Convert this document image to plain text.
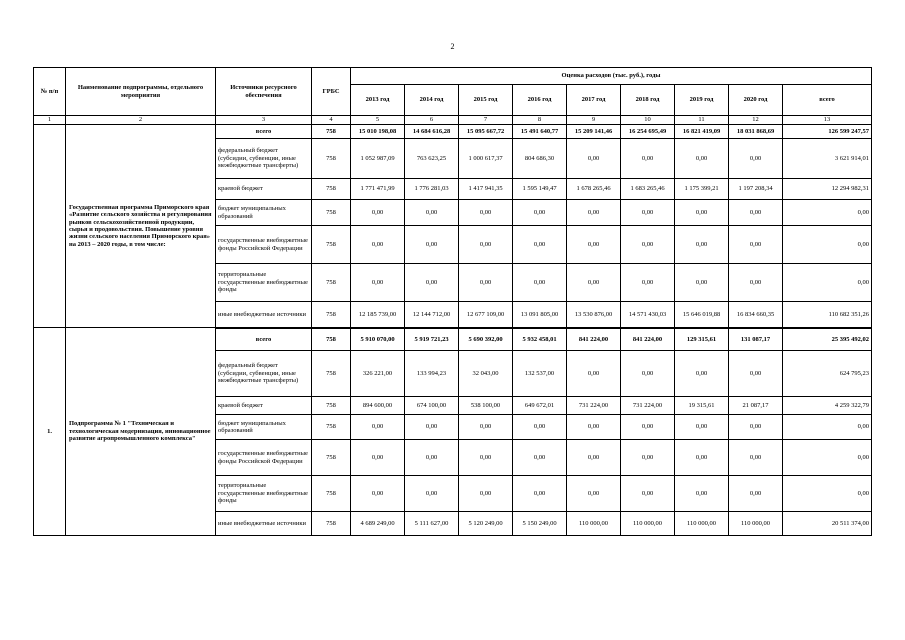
2
№ п/п	Наименование подпрограммы, отдельного мероприятия	Источники ресурсного обеспечения	ГРБС	Оценка расходов (тыс. руб.), годы								
				2013 год	2014 год	2015 год	2016 год	2017 год	2018 год	2019 год	2020 год	всего
1	2	3	4	5	6	7	8	9	10	11	12	13
	Государственная программа Приморского края «Развитие сельского хозяйства и регулирования рынков сельскохозяйственной продукции, сырья и продовольствия. Повышение уровня жизни сельского населения Приморского края» на 2013 – 2020 годы, в том числе:	всего	758	15 010 198,08	14 684 616,28	15 095 667,72	15 491 640,77	15 209 141,46	16 254 695,49	16 821 419,09	18 031 868,69	126 599 247,57
		федеральный бюджет (субсидии, субвенции, иные межбюджетные трансферты)	758	1 052 987,09	763 623,25	1 000 617,37	804 686,30	0,00	0,00	0,00	0,00	3 621 914,01
		краевой бюджет	758	1 771 471,99	1 776 281,03	1 417 941,35	1 595 149,47	1 678 265,46	1 683 265,46	1 175 399,21	1 197 208,34	12 294 982,31
		бюджет муниципальных образований	758	0,00	0,00	0,00	0,00	0,00	0,00	0,00	0,00	0,00
		государственные внебюджетные фонды Российской Федерации	758	0,00	0,00	0,00	0,00	0,00	0,00	0,00	0,00	0,00
		территориальные государственные внебюджетные фонды	758	0,00	0,00	0,00	0,00	0,00	0,00	0,00	0,00	0,00
		иные внебюджетные источники	758	12 185 739,00	12 144 712,00	12 677 109,00	13 091 805,00	13 530 876,00	14 571 430,03	15 646 019,88	16 834 660,35	110 682 351,26
1.	Подпрограмма № 1 "Техническая и технологическая модернизация, инновационное развитие агропромышленного комплекса"	всего	758	5 910 070,00	5 919 721,23	5 690 392,00	5 932 458,01	841 224,00	841 224,00	129 315,61	131 087,17	25 395 492,02
		федеральный бюджет (субсидии, субвенции, иные межбюджетные трансферты)	758	326 221,00	133 994,23	32 043,00	132 537,00	0,00	0,00	0,00	0,00	624 795,23
		краевой бюджет	758	894 600,00	674 100,00	538 100,00	649 672,01	731 224,00	731 224,00	19 315,61	21 087,17	4 259 322,79
		бюджет муниципальных образований	758	0,00	0,00	0,00	0,00	0,00	0,00	0,00	0,00	0,00
		государственные внебюджетные фонды Российской Федерации	758	0,00	0,00	0,00	0,00	0,00	0,00	0,00	0,00	0,00
		территориальные государственные внебюджетные фонды	758	0,00	0,00	0,00	0,00	0,00	0,00	0,00	0,00	0,00
		иные внебюджетные источники	758	4 689 249,00	5 111 627,00	5 120 249,00	5 150 249,00	110 000,00	110 000,00	110 000,00	110 000,00	20 511 374,00
